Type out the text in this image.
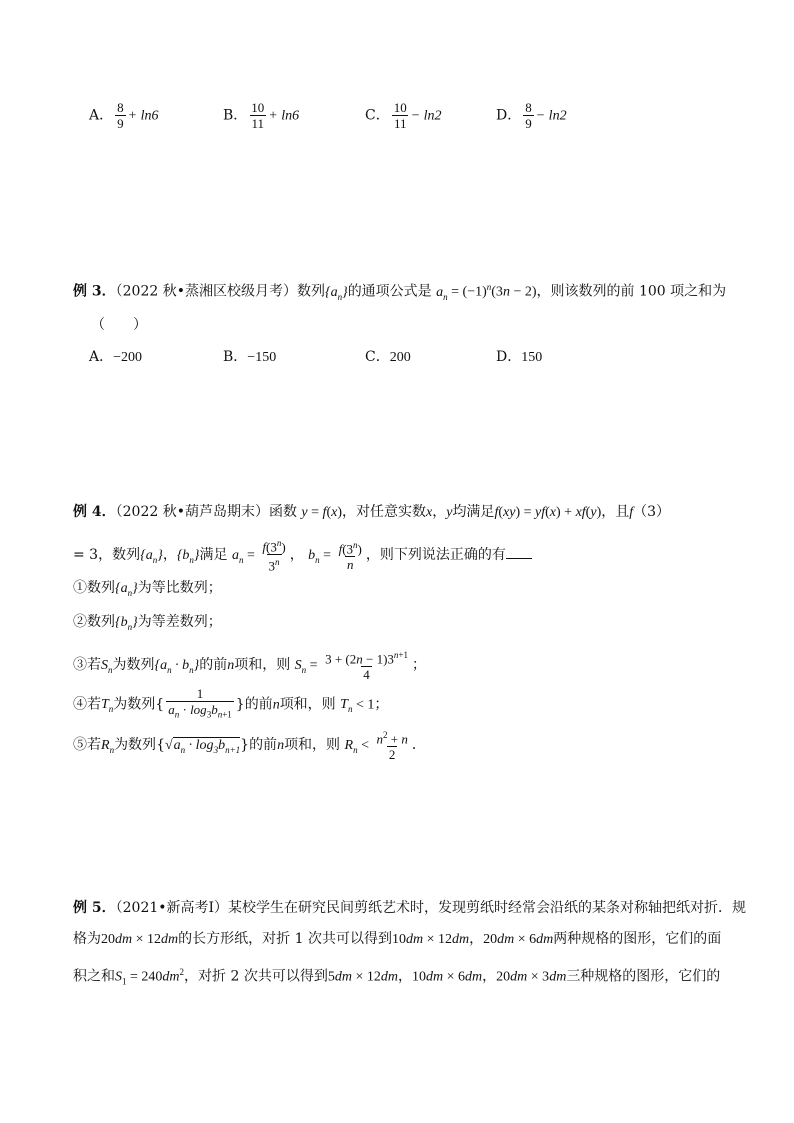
A． $\frac{8}{9} + \ln 6$	B． $\frac{10}{11} + \ln 6$	C． $\frac{10}{11} - \ln 2$	D． $\frac{8}{9} - \ln 2$
例 3．（2022 秋•蒸湘区校级月考）数列$\{a_n\}$的通项公式是 $a_n = (-1)^n(3n - 2)$，则该数列的前 100 项之和为
（　　）
A．−200	B．−150	C．200	D．150
例 4．（2022 秋•葫芦岛期末）函数 y = f(x)，对任意实数x，y均满足f(xy) = yf(x) + xf(y)，且f（3）
= 3，数列$\{a_n\}$，$\{b_n\}$满足 $a_n = \frac{f(3^n)}{3^n}$ ， $b_n = \frac{f(3^n)}{n}$ ，则下列说法正确的有
①数列$\{a_n\}$为等比数列；
②数列$\{b_n\}$为等差数列；
③若$S_n$为数列$\{a_n \cdot b_n\}$的前n项和，则 $S_n = \frac{3 + (2n - 1)3^{n+1}}{4}$ ；
④若$T_n$为数列{ $\frac{1}{a_n \cdot \log_3b_{n+1}}$ }的前n项和，则 $T_n < 1$；
⑤若$R_n$为数列$\{√a_n \cdot \log_3b_{n+1}\}$的前n项和，则 $R_n < \frac{n^2 + n}{2}$ ．
例 5．（2021•新高考Ⅰ）某校学生在研究民间剪纸艺术时，发现剪纸时经常会沿纸的某条对称轴把纸对折．规
格为20dm × 12dm的长方形纸，对折 1 次共可以得到10dm × 12dm，20dm × 6dm两种规格的图形，它们的面
积之和$S_1 = 240dm^2$，对折 2 次共可以得到5dm × 12dm，10dm × 6dm，20dm × 3dm三种规格的图形，它们的
